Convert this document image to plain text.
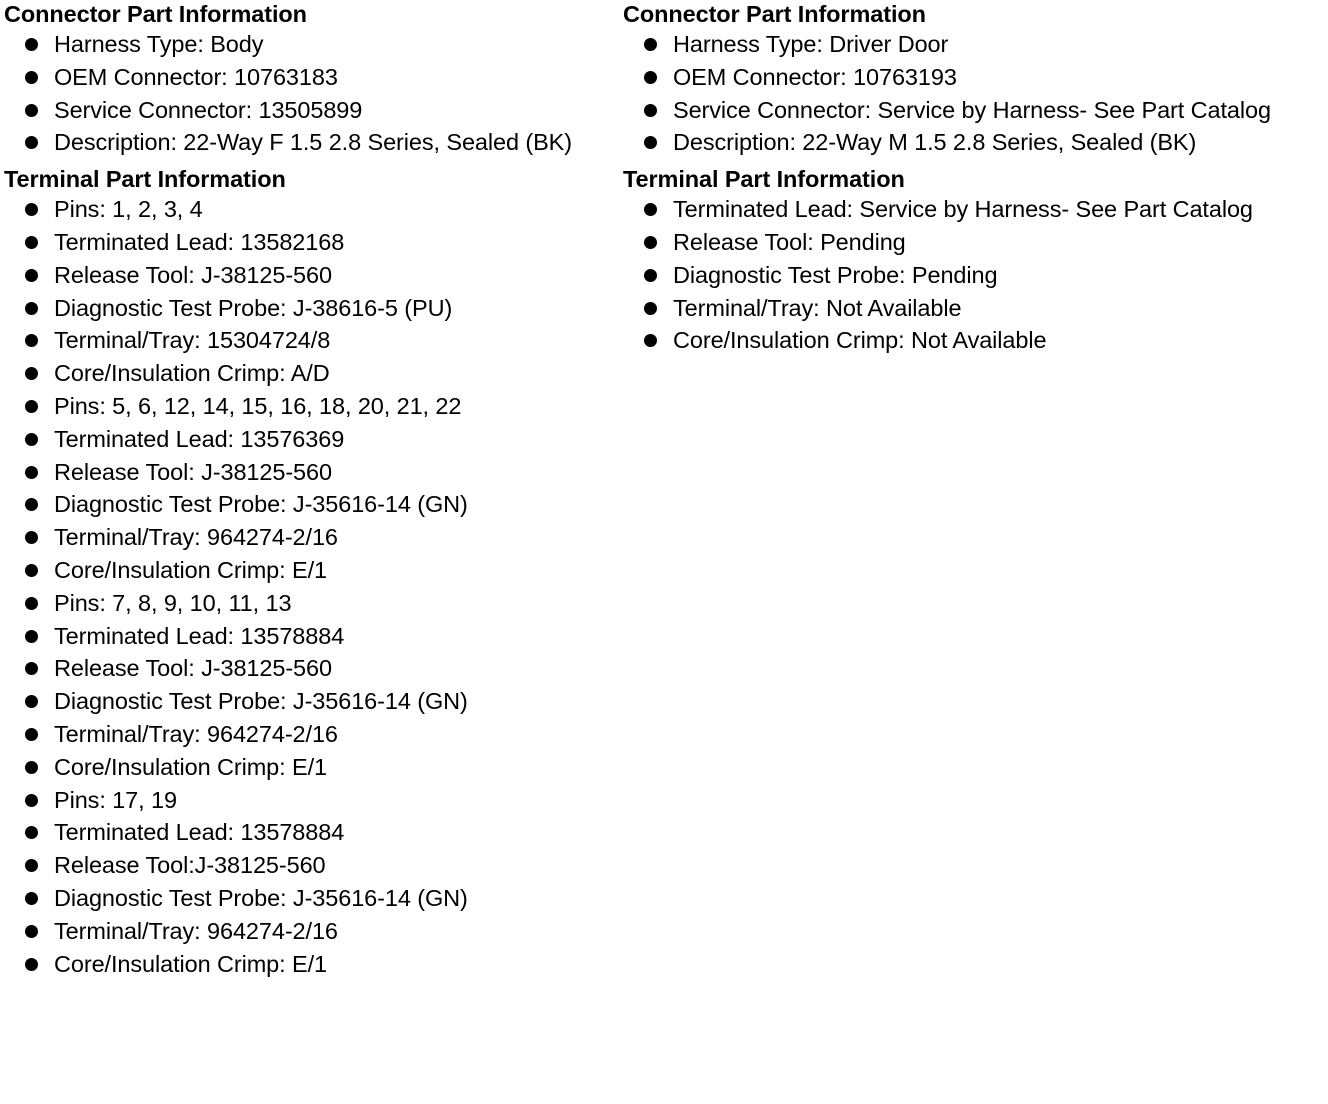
Connector Part Information
Harness Type: Body
OEM Connector: 10763183
Service Connector: 13505899
Description: 22-Way F 1.5 2.8 Series, Sealed (BK)
Terminal Part Information
Pins: 1, 2, 3, 4
Terminated Lead: 13582168
Release Tool: J-38125-560
Diagnostic Test Probe: J-38616-5 (PU)
Terminal/Tray: 15304724/8
Core/Insulation Crimp: A/D
Pins: 5, 6, 12, 14, 15, 16, 18, 20, 21, 22
Terminated Lead: 13576369
Release Tool: J-38125-560
Diagnostic Test Probe: J-35616-14 (GN)
Terminal/Tray: 964274-2/16
Core/Insulation Crimp: E/1
Pins: 7, 8, 9, 10, 11, 13
Terminated Lead: 13578884
Release Tool: J-38125-560
Diagnostic Test Probe: J-35616-14 (GN)
Terminal/Tray: 964274-2/16
Core/Insulation Crimp: E/1
Pins: 17, 19
Terminated Lead: 13578884
Release Tool:J-38125-560
Diagnostic Test Probe: J-35616-14 (GN)
Terminal/Tray: 964274-2/16
Core/Insulation Crimp: E/1
Connector Part Information
Harness Type: Driver Door
OEM Connector: 10763193
Service Connector: Service by Harness- See Part Catalog
Description: 22-Way M 1.5 2.8 Series, Sealed (BK)
Terminal Part Information
Terminated Lead: Service by Harness- See Part Catalog
Release Tool: Pending
Diagnostic Test Probe: Pending
Terminal/Tray: Not Available
Core/Insulation Crimp: Not Available
